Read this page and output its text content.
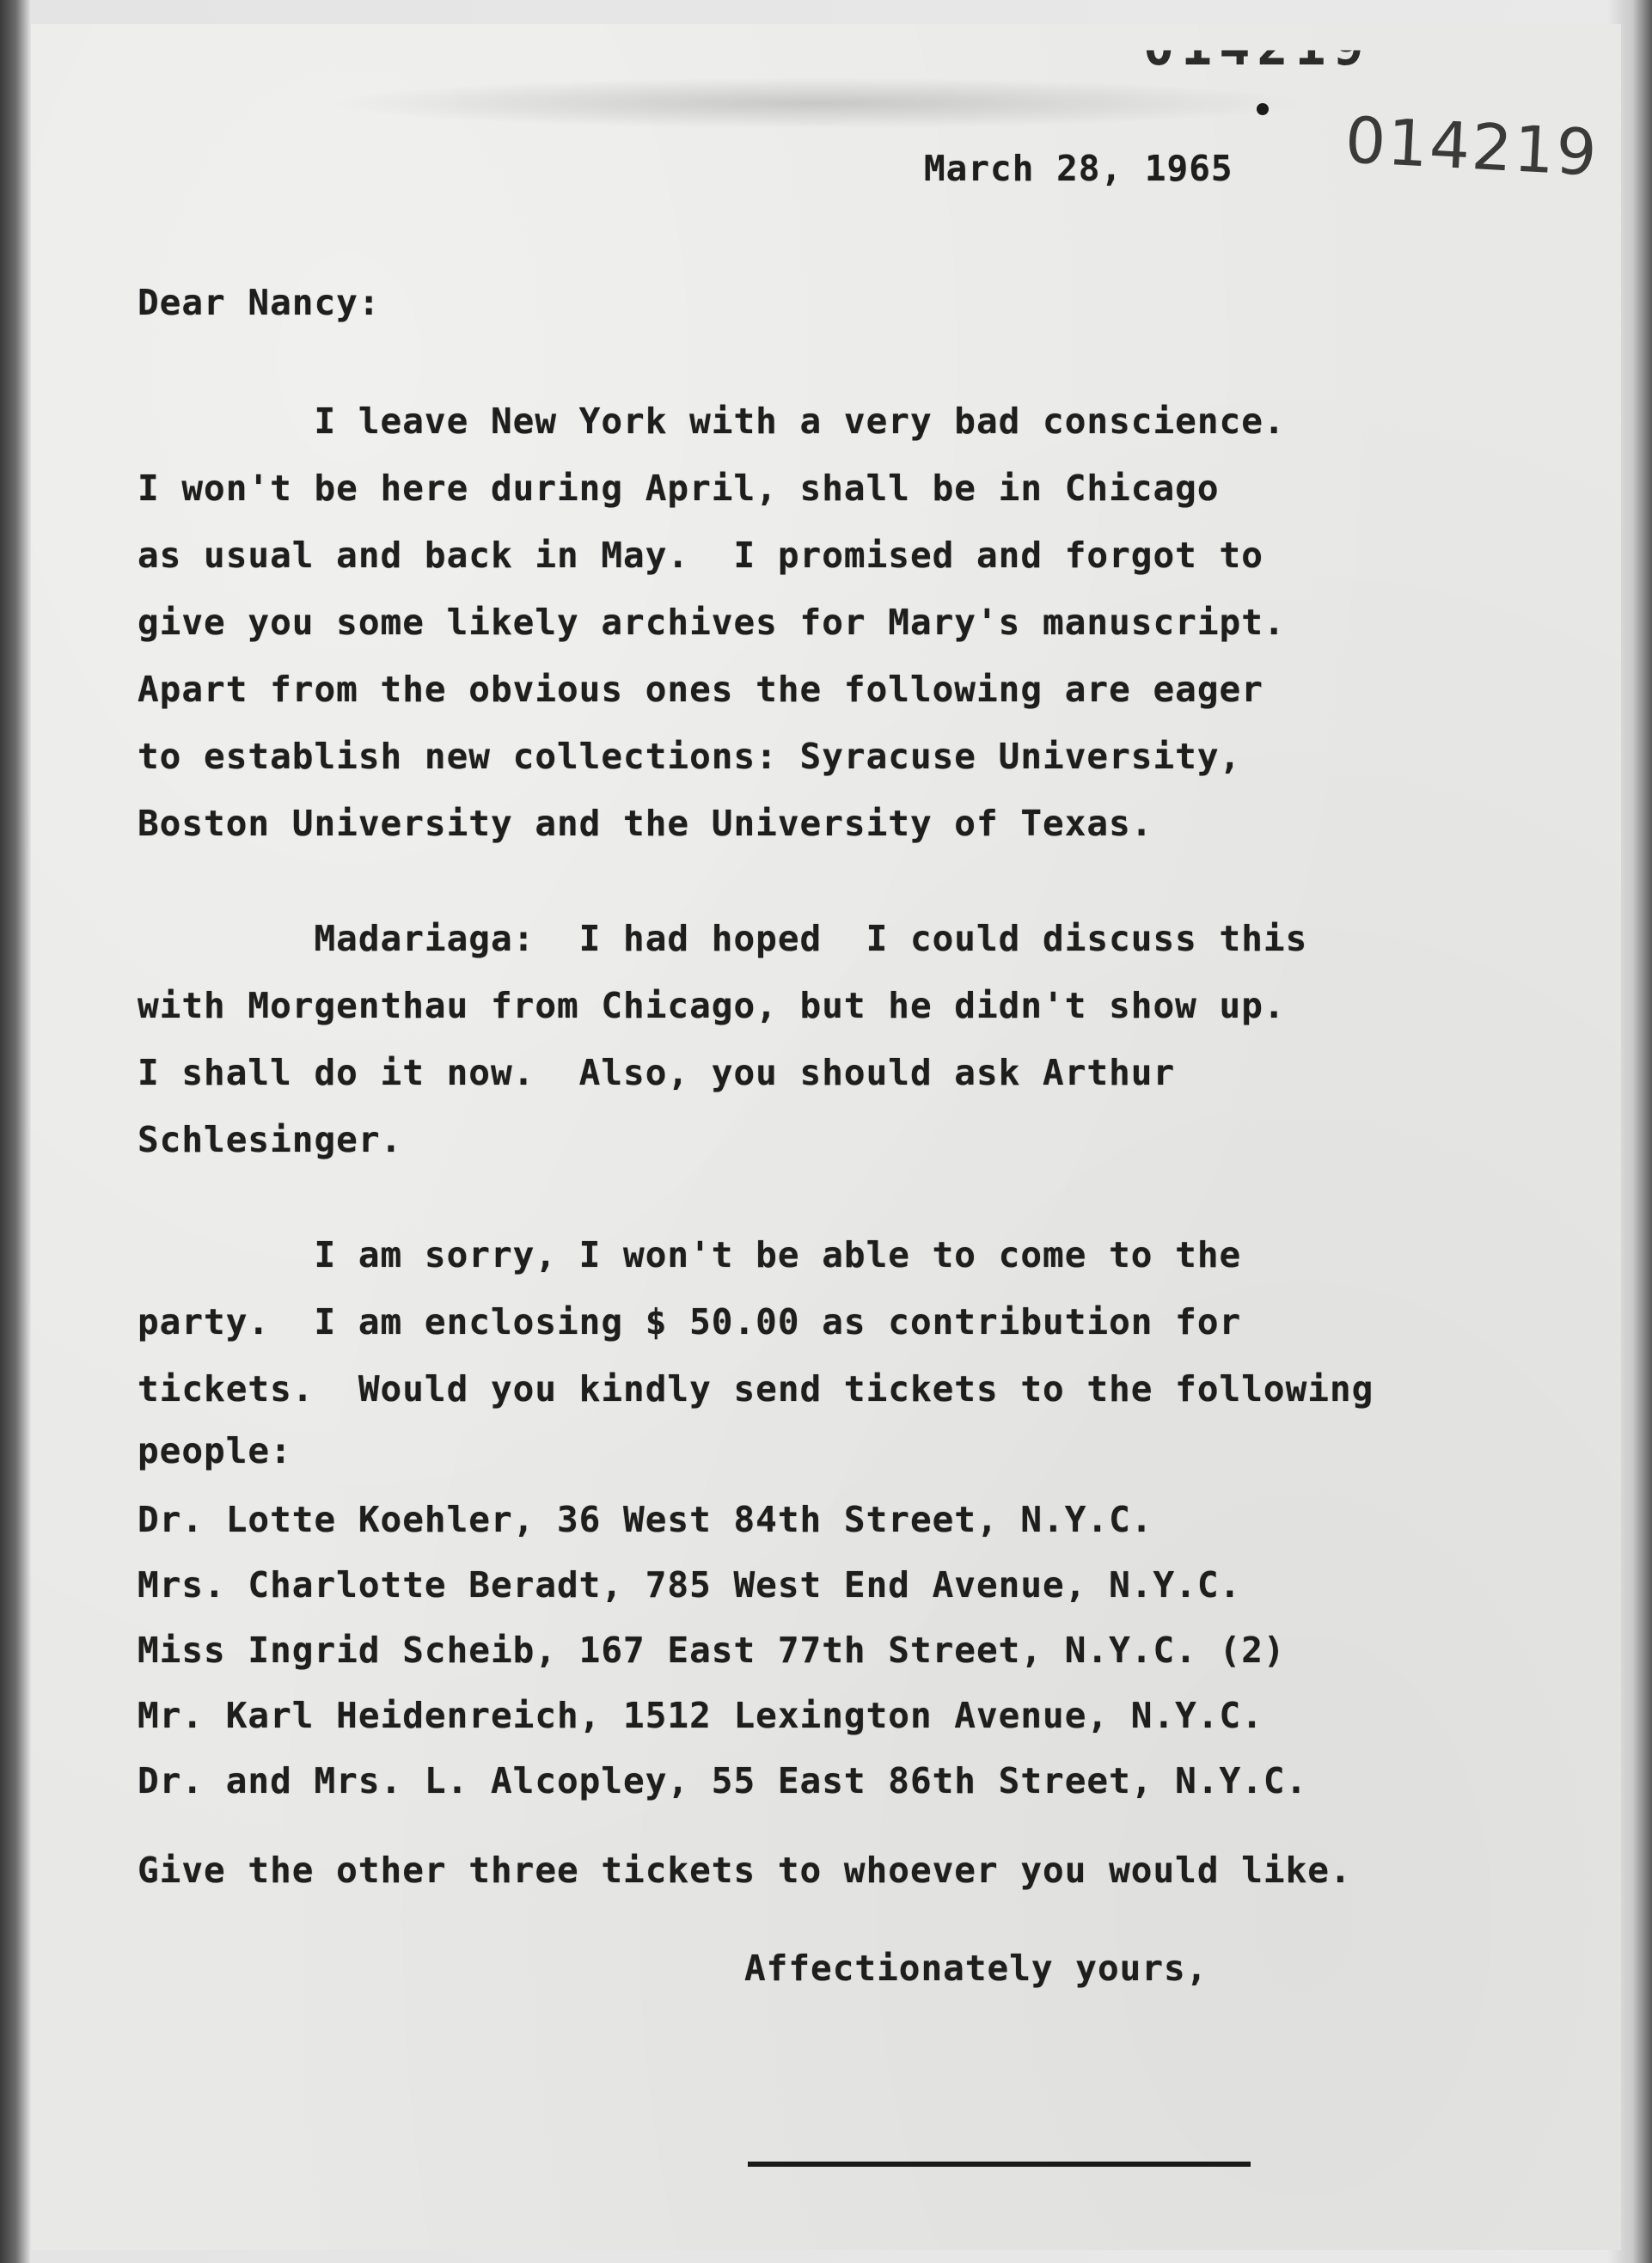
014219
March 28, 1965
Dear Nancy:
I leave New York with a very bad conscience.
I won't be here during April, shall be in Chicago
as usual and back in May.  I promised and forgot to
give you some likely archives for Mary's manuscript.
Apart from the obvious ones the following are eager
to establish new collections: Syracuse University,
Boston University and the University of Texas.
Madariaga:  I had hoped  I could discuss this
with Morgenthau from Chicago, but he didn't show up.
I shall do it now.  Also, you should ask Arthur
Schlesinger.
I am sorry, I won't be able to come to the
party.  I am enclosing $ 50.00 as contribution for
tickets.  Would you kindly send tickets to the following
people:
Dr. Lotte Koehler, 36 West 84th Street, N.Y.C.
Mrs. Charlotte Beradt, 785 West End Avenue, N.Y.C.
Miss Ingrid Scheib, 167 East 77th Street, N.Y.C. (2)
Mr. Karl Heidenreich, 1512 Lexington Avenue, N.Y.C.
Dr. and Mrs. L. Alcopley, 55 East 86th Street, N.Y.C.
Give the other three tickets to whoever you would like.
Affectionately yours,
